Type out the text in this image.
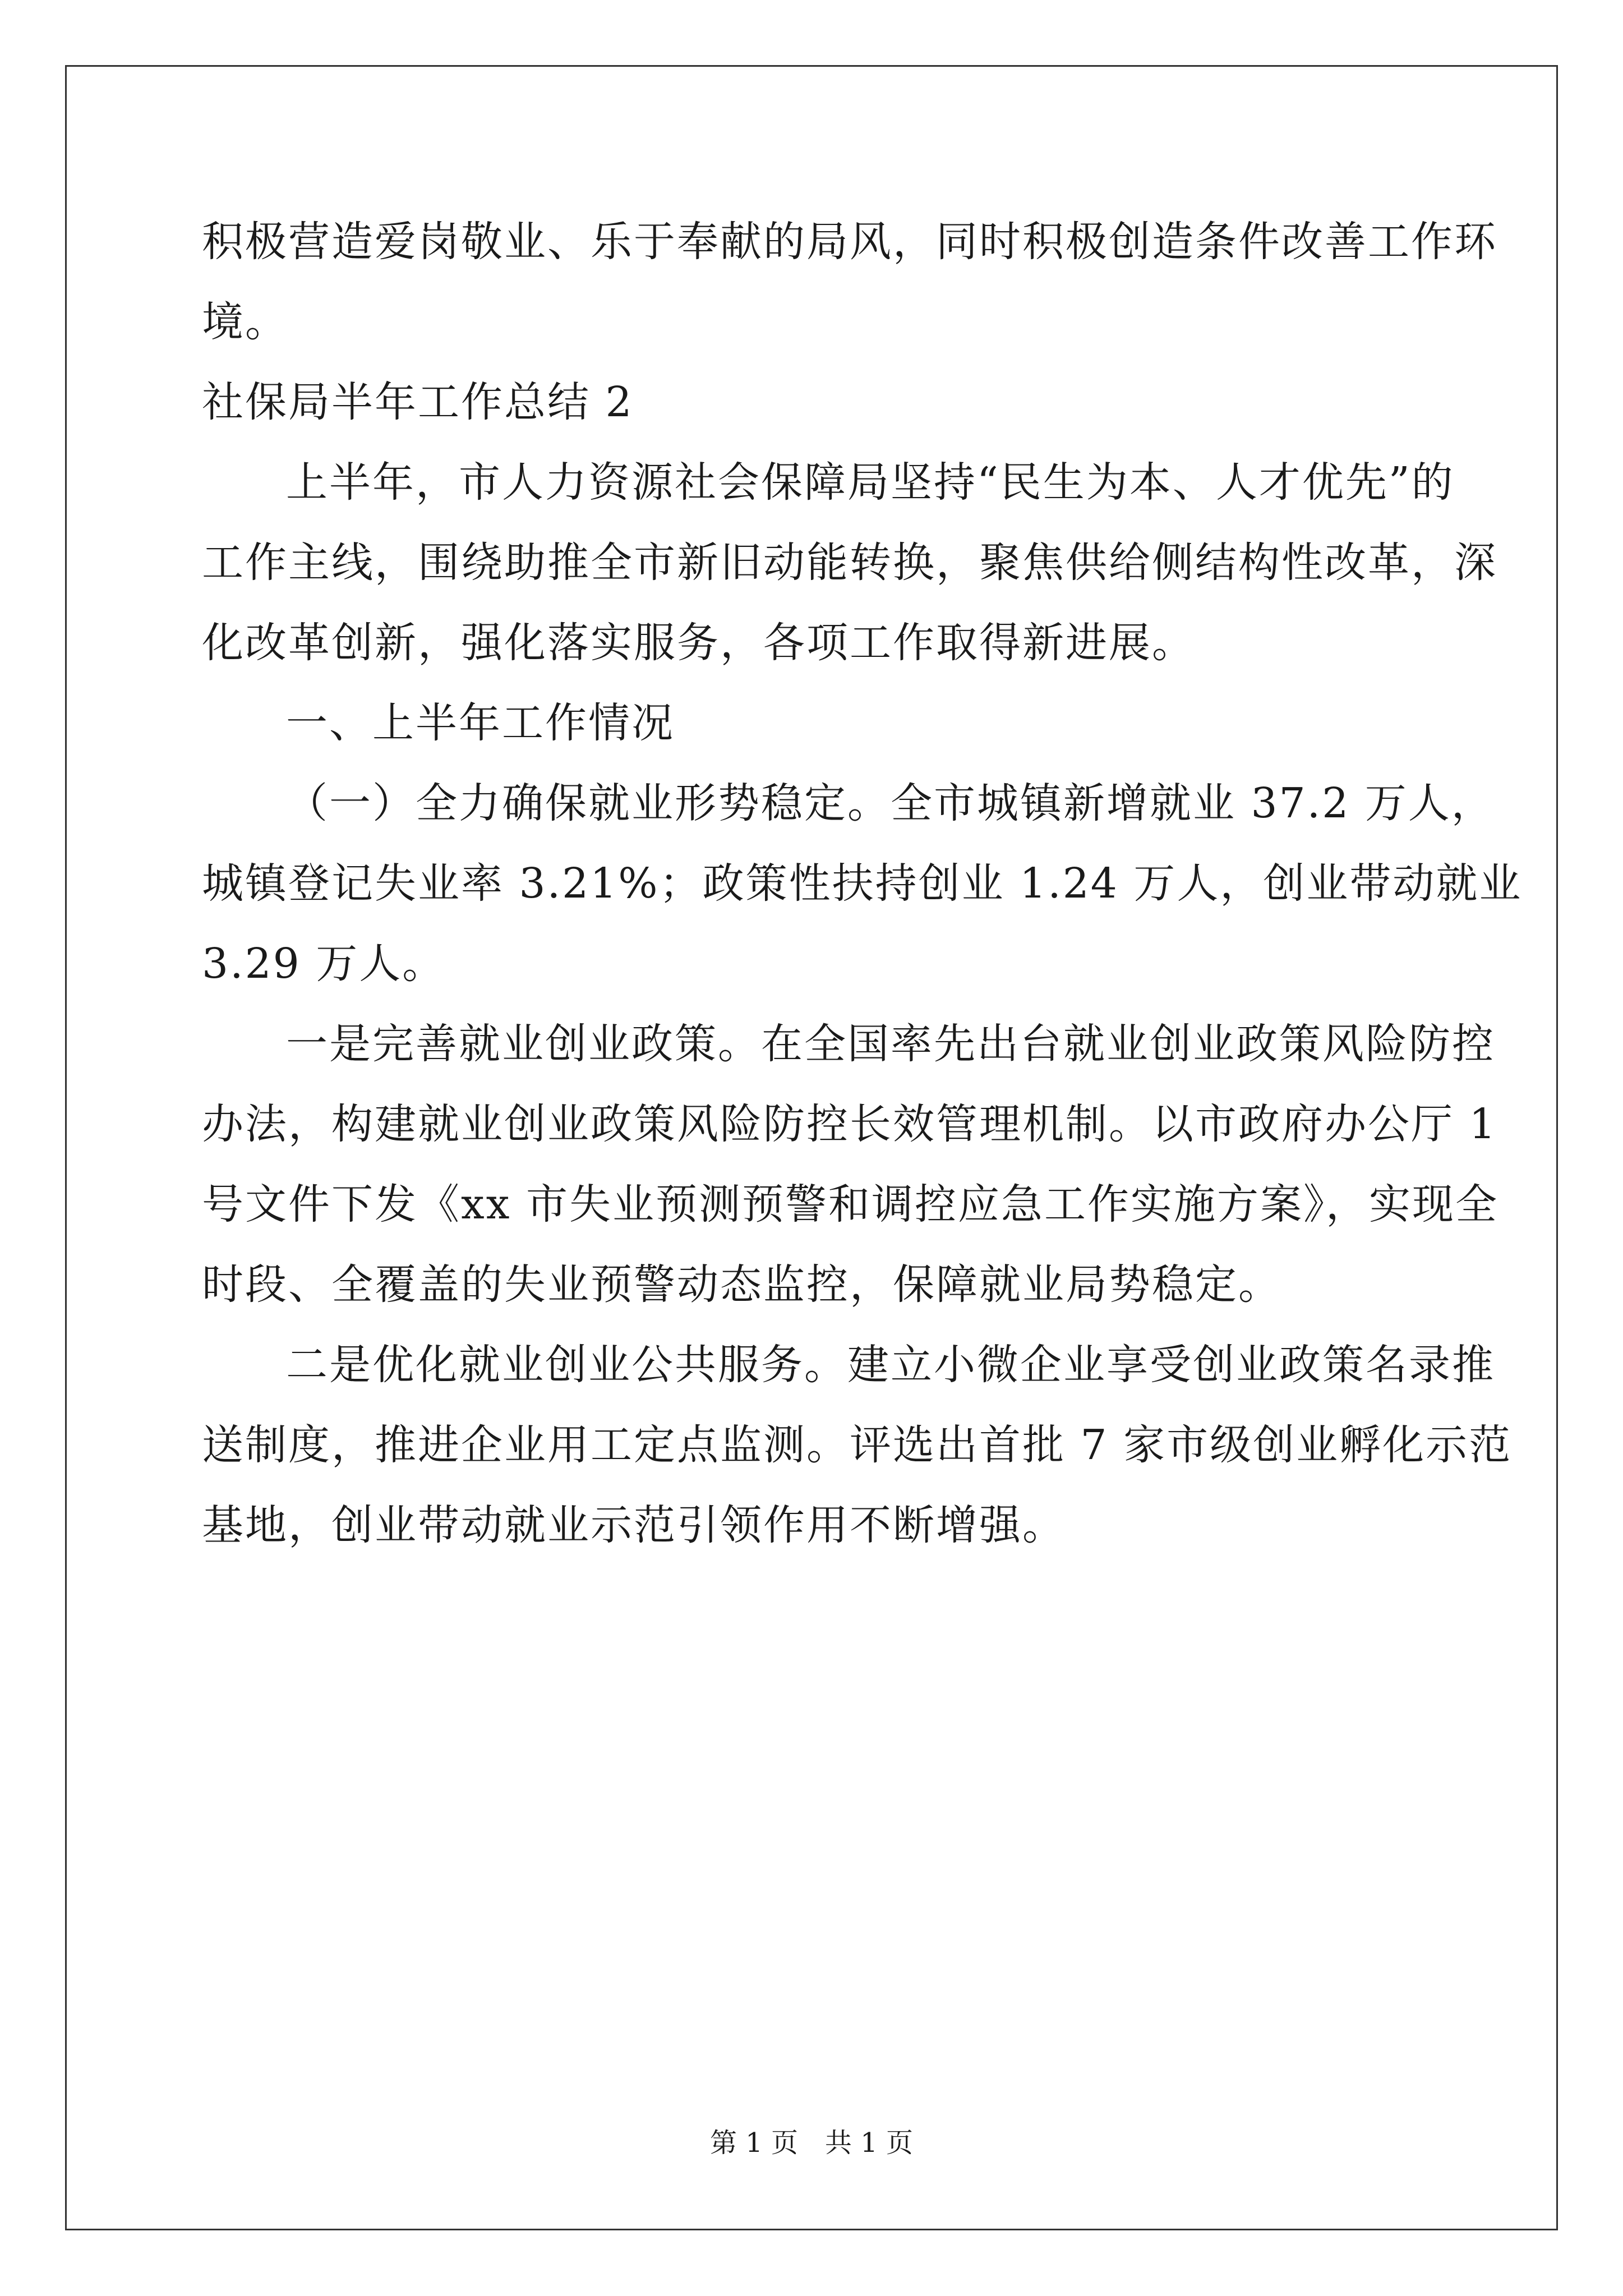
积极营造爱岗敬业、乐于奉献的局风，同时积极创造条件改善工作环
境。
社保局半年工作总结 2
上半年，市人力资源社会保障局坚持“民生为本、人才优先”的
工作主线，围绕助推全市新旧动能转换，聚焦供给侧结构性改革，深
化改革创新，强化落实服务，各项工作取得新进展。
一、上半年工作情况
（一）全力确保就业形势稳定。全市城镇新增就业 37.2 万人，
城镇登记失业率 3.21%；政策性扶持创业 1.24 万人，创业带动就业
3.29 万人。
一是完善就业创业政策。在全国率先出台就业创业政策风险防控
办法，构建就业创业政策风险防控长效管理机制。以市政府办公厅 1
号文件下发《xx 市失业预测预警和调控应急工作实施方案》，实现全
时段、全覆盖的失业预警动态监控，保障就业局势稳定。
二是优化就业创业公共服务。建立小微企业享受创业政策名录推
送制度，推进企业用工定点监测。评选出首批 7 家市级创业孵化示范
基地，创业带动就业示范引领作用不断增强。
第 1 页　共 1 页
